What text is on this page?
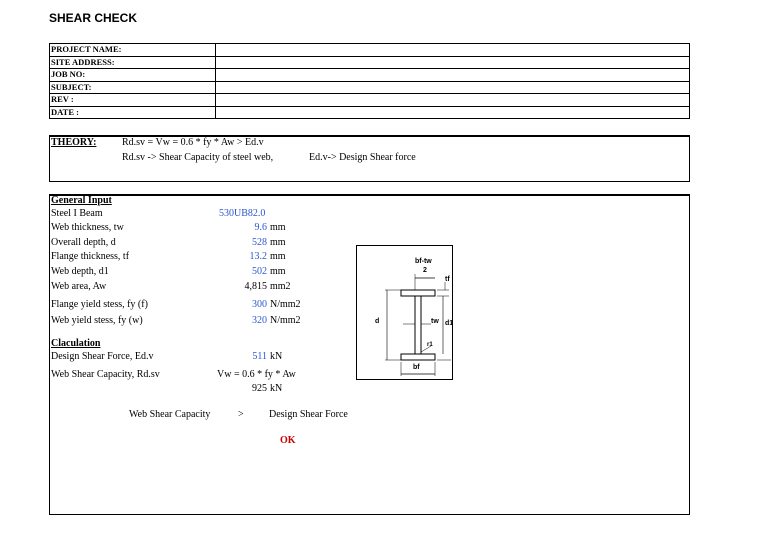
SHEAR CHECK
PROJECT NAME:	
SITE ADDRESS:	
JOB NO:	
SUBJECT:	
REV :	
DATE :	
THEORY:	Rd.sv = Vw = 0.6 * fy * Aw > Ed.v
Rd.sv -> Shear Capacity of steel web,	Ed.v-> Design Shear force
General Input
Steel I Beam	530UB82.0
Web thickness, tw	9.6 mm
Overall depth, d	528 mm
Flange thickness, tf	13.2 mm
Web depth, d1	502 mm
Web area, Aw	4,815 mm2
Flange yield stess, fy (f)	300 N/mm2
Web yield stess, fy (w)	320 N/mm2
Claculation
Design Shear Force, Ed.v	511 kN
Web Shear Capacity, Rd.sv	Vw = 0.6 * fy * Aw
925 kN
Web Shear Capacity	>	Design Shear Force
OK
bf-tw
2
tf
d	tw d1
r1
bf
